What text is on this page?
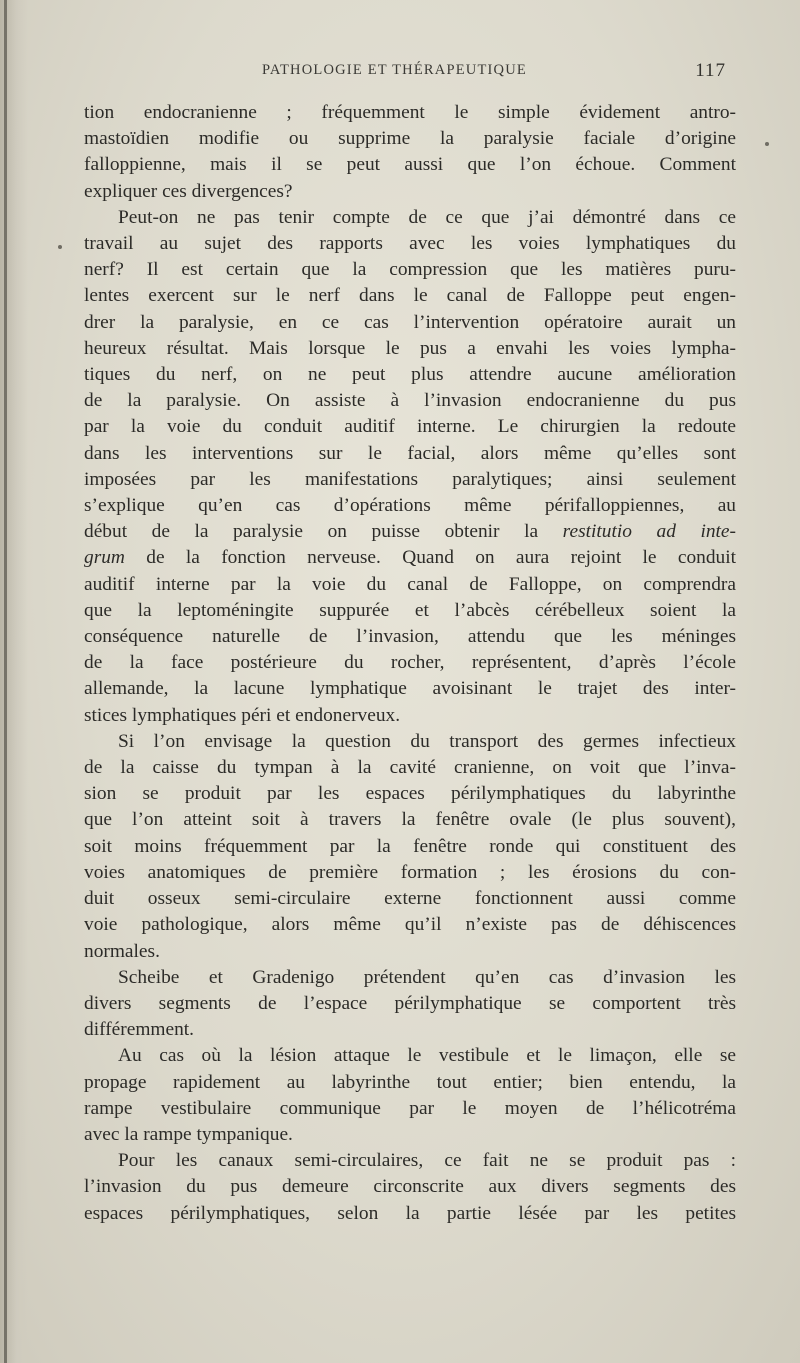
PATHOLOGIE ET THÉRAPEUTIQUE	117
tion endocranienne ; fréquemment le simple évidement antro-
mastoïdien modifie ou supprime la paralysie faciale d’origine
falloppienne, mais il se peut aussi que l’on échoue. Comment
expliquer ces divergences?
Peut-on ne pas tenir compte de ce que j’ai démontré dans ce
travail au sujet des rapports avec les voies lymphatiques du
nerf? Il est certain que la compression que les matières puru-
lentes exercent sur le nerf dans le canal de Falloppe peut engen-
drer la paralysie, en ce cas l’intervention opératoire aurait un
heureux résultat. Mais lorsque le pus a envahi les voies lympha-
tiques du nerf, on ne peut plus attendre aucune amélioration
de la paralysie. On assiste à l’invasion endocranienne du pus
par la voie du conduit auditif interne. Le chirurgien la redoute
dans les interventions sur le facial, alors même qu’elles sont
imposées par les manifestations paralytiques; ainsi seulement
s’explique qu’en cas d’opérations même périfalloppiennes, au
début de la paralysie on puisse obtenir la restitutio ad inte-
grum de la fonction nerveuse. Quand on aura rejoint le conduit
auditif interne par la voie du canal de Falloppe, on comprendra
que la leptoméningite suppurée et l’abcès cérébelleux soient la
conséquence naturelle de l’invasion, attendu que les méninges
de la face postérieure du rocher, représentent, d’après l’école
allemande, la lacune lymphatique avoisinant le trajet des inter-
stices lymphatiques péri et endonerveux.
Si l’on envisage la question du transport des germes infectieux
de la caisse du tympan à la cavité cranienne, on voit que l’inva-
sion se produit par les espaces périlymphatiques du labyrinthe
que l’on atteint soit à travers la fenêtre ovale (le plus souvent),
soit moins fréquemment par la fenêtre ronde qui constituent des
voies anatomiques de première formation ; les érosions du con-
duit osseux semi-circulaire externe fonctionnent aussi comme
voie pathologique, alors même qu’il n’existe pas de déhiscences
normales.
Scheibe et Gradenigo prétendent qu’en cas d’invasion les
divers segments de l’espace périlymphatique se comportent très
différemment.
Au cas où la lésion attaque le vestibule et le limaçon, elle se
propage rapidement au labyrinthe tout entier; bien entendu, la
rampe vestibulaire communique par le moyen de l’hélicotréma
avec la rampe tympanique.
Pour les canaux semi-circulaires, ce fait ne se produit pas :
l’invasion du pus demeure circonscrite aux divers segments des
espaces périlymphatiques, selon la partie lésée par les petites
